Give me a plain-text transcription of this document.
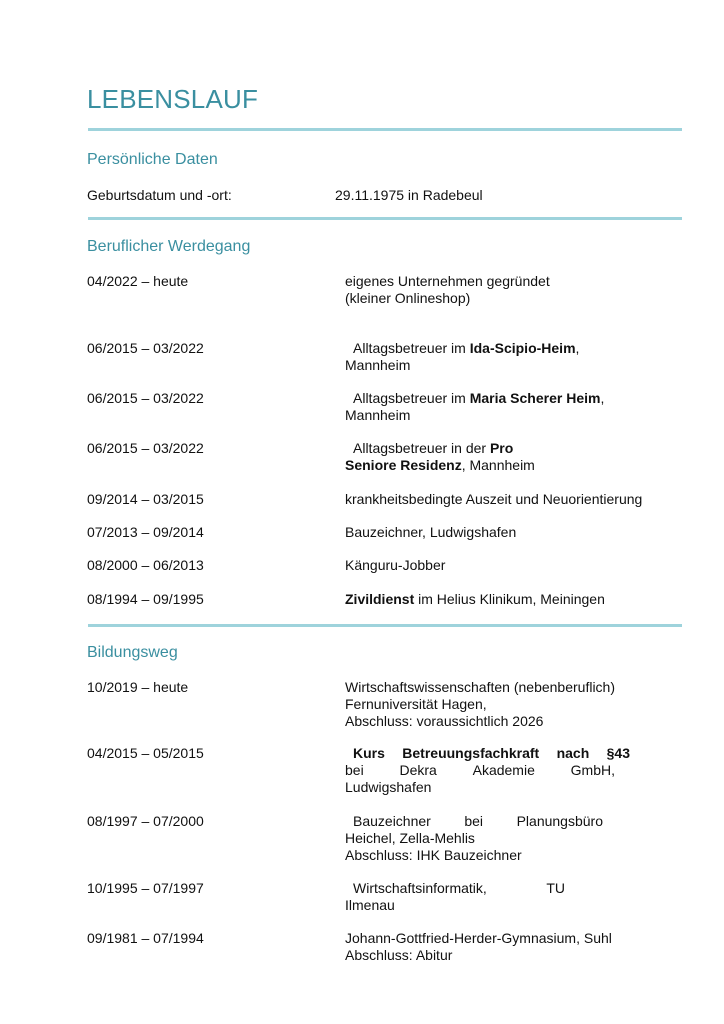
LEBENSLAUF
Persönliche Daten
Geburtsdatum und -ort:	29.11.1975 in Radebeul
Beruflicher Werdegang
04/2022 – heute	eigenes Unternehmen gegründet
(kleiner Onlineshop)
06/2015 – 03/2022	Alltagsbetreuer im Ida-Scipio-Heim,
Mannheim
06/2015 – 03/2022	Alltagsbetreuer im Maria Scherer Heim,
Mannheim
06/2015 – 03/2022	Alltagsbetreuer in der Pro
Seniore Residenz, Mannheim
09/2014 – 03/2015	krankheitsbedingte Auszeit und Neuorientierung
07/2013 – 09/2014	Bauzeichner, Ludwigshafen
08/2000 – 06/2013	Känguru-Jobber
08/1994 – 09/1995	Zivildienst im Helius Klinikum, Meiningen
Bildungsweg
10/2019 – heute	Wirtschaftswissenschaften (nebenberuflich)
Fernuniversität Hagen,
Abschluss: voraussichtlich 2026
04/2015 – 05/2015	Kurs Betreuungsfachkraft nach §43
bei	Dekra	Akademie	GmbH,
Ludwigshafen
08/1997 – 07/2000	Bauzeichner bei Planungsbüro
Heichel, Zella-Mehlis
Abschluss: IHK Bauzeichner
10/1995 – 07/1997	Wirtschaftsinformatik,	TU
Ilmenau
09/1981 – 07/1994	Johann-Gottfried-Herder-Gymnasium, Suhl
Abschluss: Abitur
